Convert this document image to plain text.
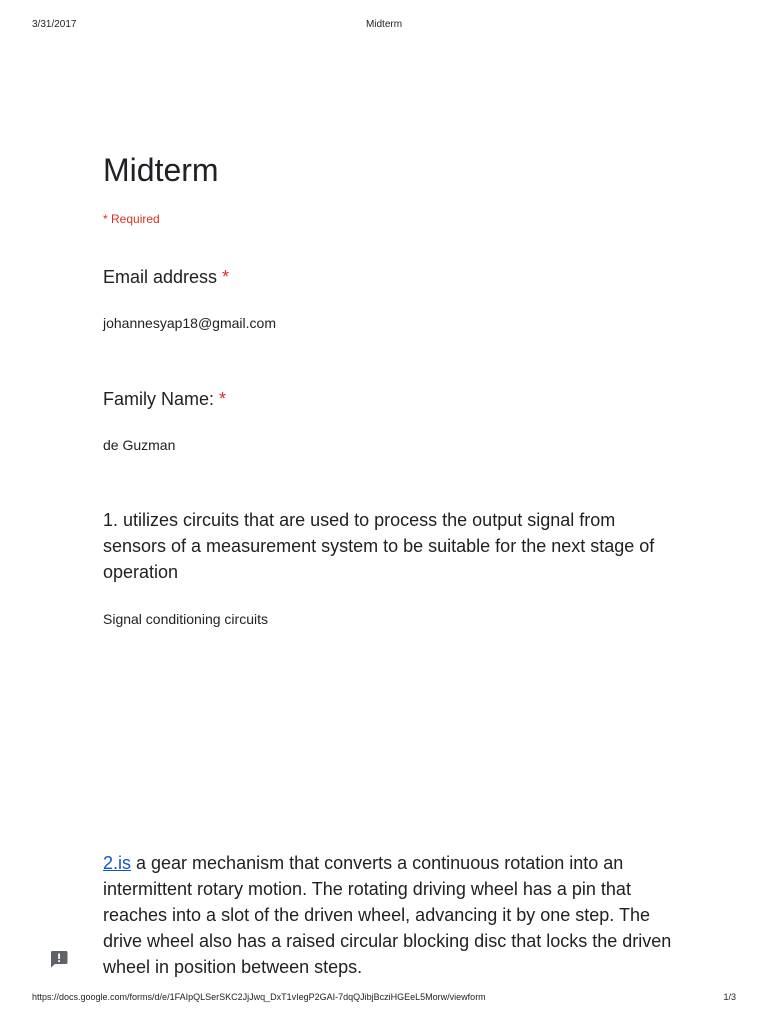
3/31/2017	Midterm
Midterm
* Required
Email address *
johannesyap18@gmail.com
Family Name: *
de Guzman
1. utilizes circuits that are used to process the output signal from sensors of a measurement system to be suitable for the next stage of operation
Signal conditioning circuits
2.is a gear mechanism that converts a continuous rotation into an intermittent rotary motion. The rotating driving wheel has a pin that reaches into a slot of the driven wheel, advancing it by one step. The drive wheel also has a raised circular blocking disc that locks the driven wheel in position between steps.
https://docs.google.com/forms/d/e/1FAIpQLSerSKC2JjJwq_DxT1vIegP2GAI-7dqQJibjBcziHGEeL5Morw/viewform	1/3
